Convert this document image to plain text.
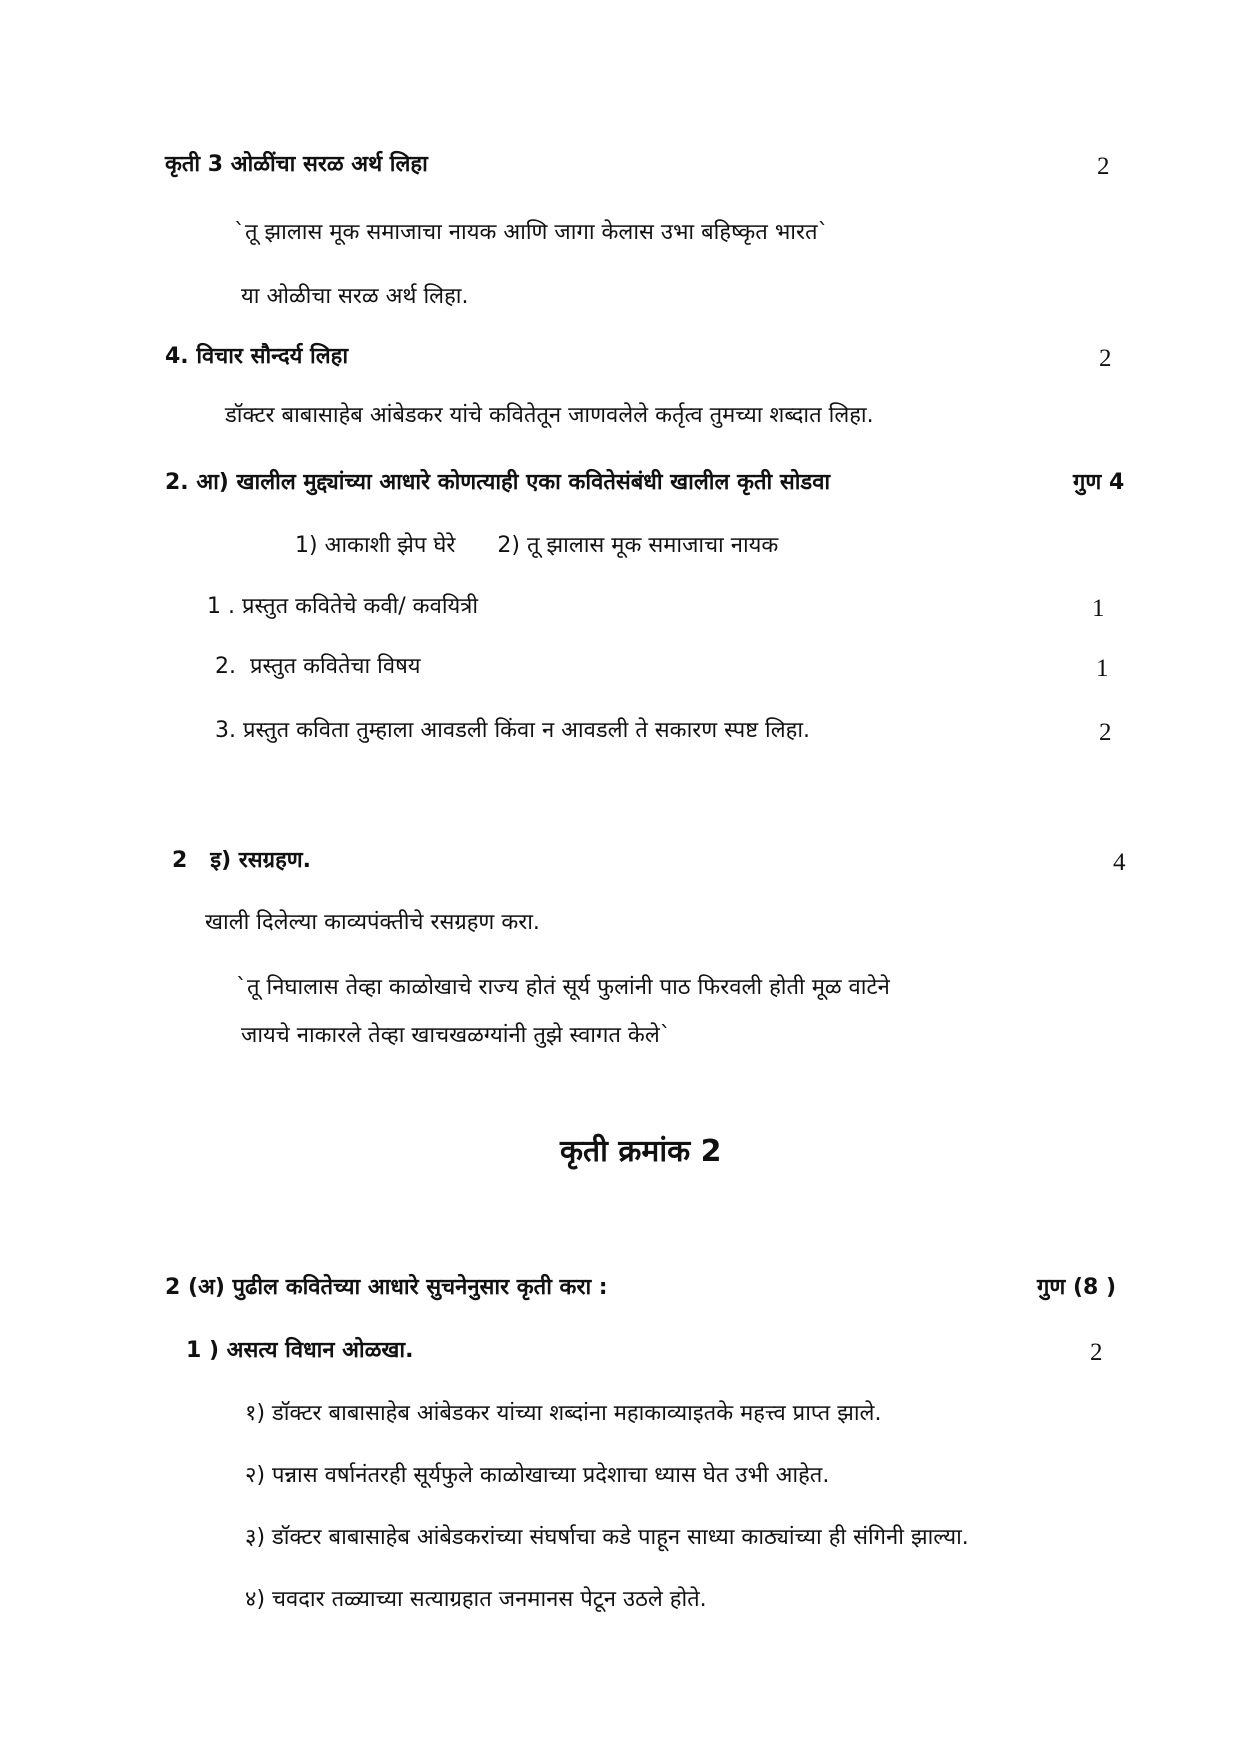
कृती 3 ओळींचा सरळ अर्थ लिहा	2
`तू झालास मूक समाजाचा नायक आणि जागा केलास उभा बहिष्कृत भारत`
या ओळीचा सरळ अर्थ लिहा.
4. विचार सौन्दर्य लिहा	2
डॉक्टर बाबासाहेब आंबेडकर यांचे कवितेतून जाणवलेले कर्तृत्व तुमच्या शब्दात लिहा.
2. आ) खालील मुद्द्यांच्या आधारे कोणत्याही एका कवितेसंबंधी खालील कृती सोडवा	गुण 4
1) आकाशी झेप घेरे      2) तू झालास मूक समाजाचा नायक
1 . प्रस्तुत कवितेचे कवी/ कवयित्री	1
2.  प्रस्तुत कवितेचा विषय	1
3. प्रस्तुत कविता तुम्हाला आवडली किंवा न आवडली ते सकारण स्पष्ट लिहा.	2
2   इ) रसग्रहण.	4
खाली दिलेल्या काव्यपंक्तीचे रसग्रहण करा.
`तू निघालास तेव्हा काळोखाचे राज्य होतं सूर्य फुलांनी पाठ फिरवली होती मूळ वाटेने
जायचे नाकारले तेव्हा खाचखळग्यांनी तुझे स्वागत केले`
कृती क्रमांक 2
2 (अ) पुढील कवितेच्या आधारे सुचनेनुसार कृती करा :	गुण (8 )
1 ) असत्य विधान ओळखा.	2
१) डॉक्टर बाबासाहेब आंबेडकर यांच्या शब्दांना महाकाव्याइतके महत्त्व प्राप्त झाले.
२) पन्नास वर्षानंतरही सूर्यफुले काळोखाच्या प्रदेशाचा ध्यास घेत उभी आहेत.
३) डॉक्टर बाबासाहेब आंबेडकरांच्या संघर्षाचा कडे पाहून साध्या काठ्यांच्या ही संगिनी झाल्या.
४) चवदार तळ्याच्या सत्याग्रहात जनमानस पेटून उठले होते.
